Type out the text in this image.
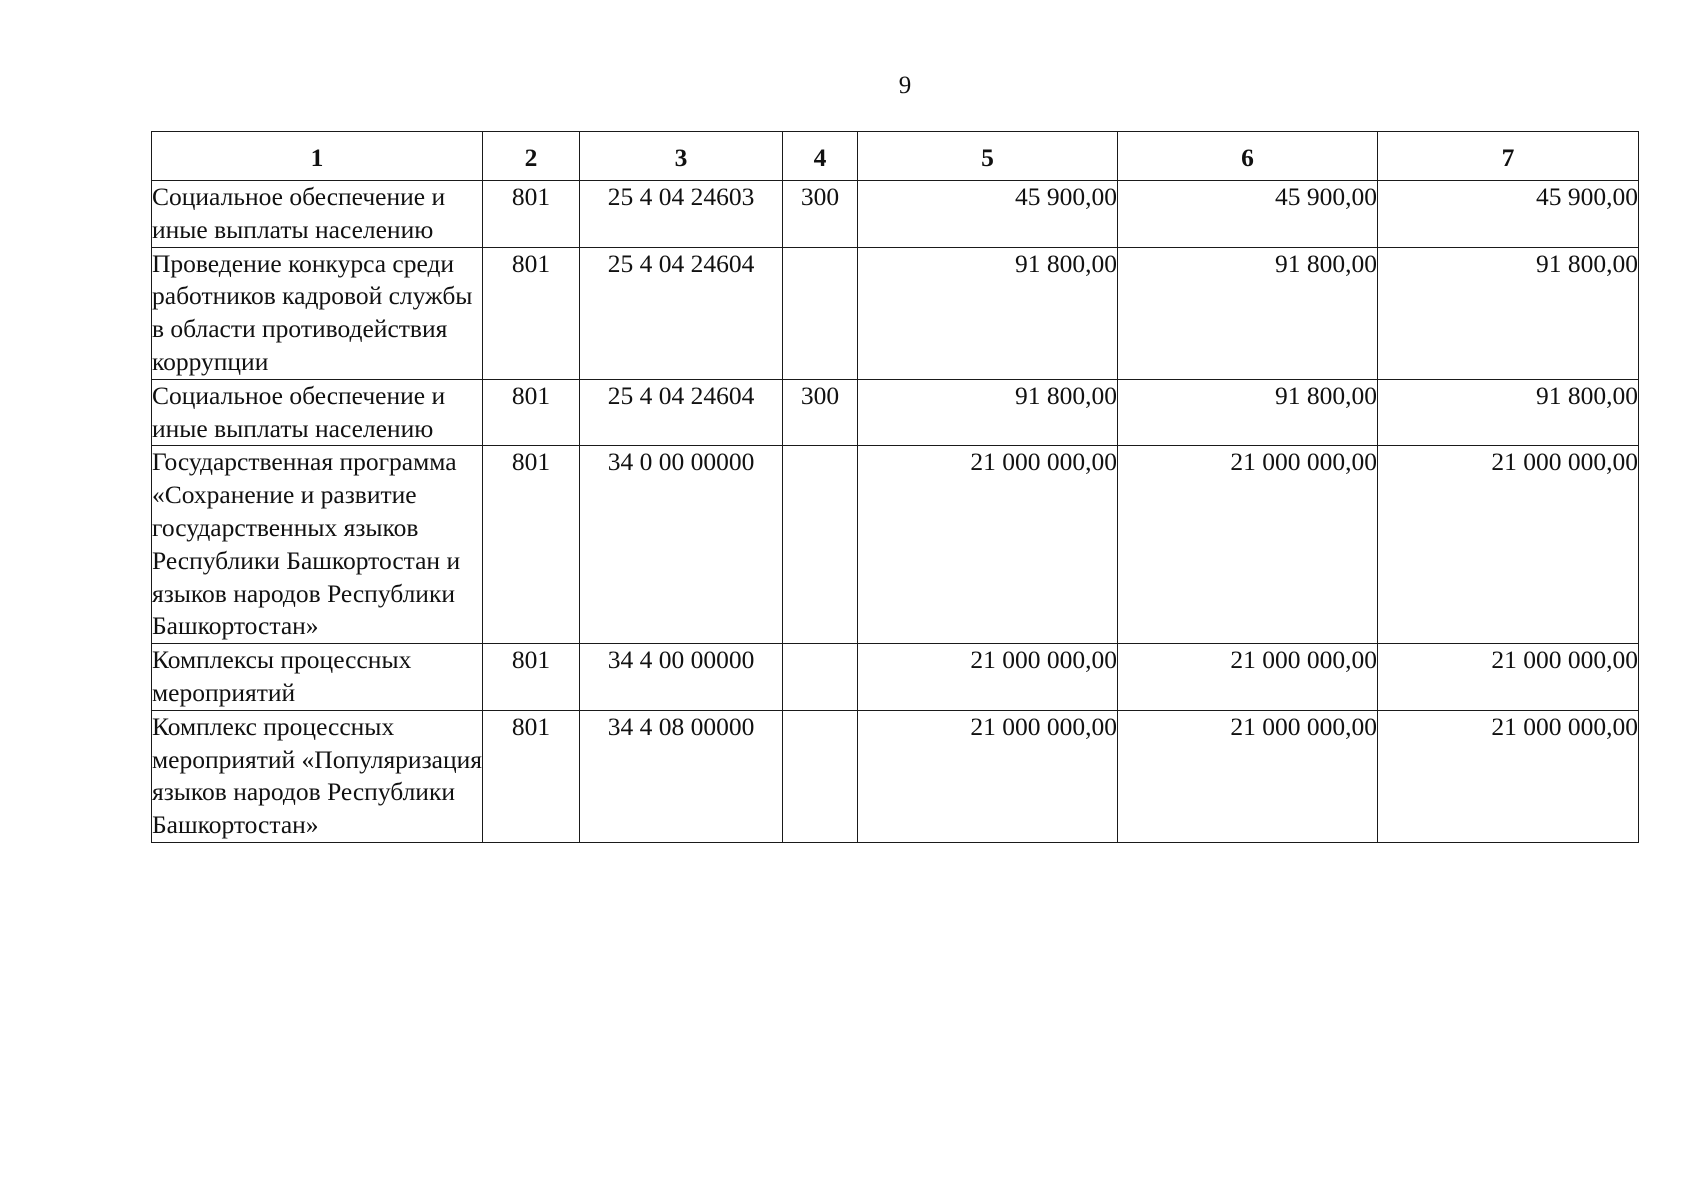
9
1	2	3	4	5	6	7
Социальное обеспечение и иные выплаты населению	801	25 4 04 24603	300	45 900,00	45 900,00	45 900,00
Проведение конкурса среди работников кадровой службы в области противодействия коррупции	801	25 4 04 24604		91 800,00	91 800,00	91 800,00
Социальное обеспечение и иные выплаты населению	801	25 4 04 24604	300	91 800,00	91 800,00	91 800,00
Государственная программа «Сохранение и развитие государственных языков Республики Башкортостан и языков народов Республики Башкортостан»	801	34 0 00 00000		21 000 000,00	21 000 000,00	21 000 000,00
Комплексы процессных мероприятий	801	34 4 00 00000		21 000 000,00	21 000 000,00	21 000 000,00
Комплекс процессных мероприятий «Популяризация языков народов Республики Башкортостан»	801	34 4 08 00000		21 000 000,00	21 000 000,00	21 000 000,00
